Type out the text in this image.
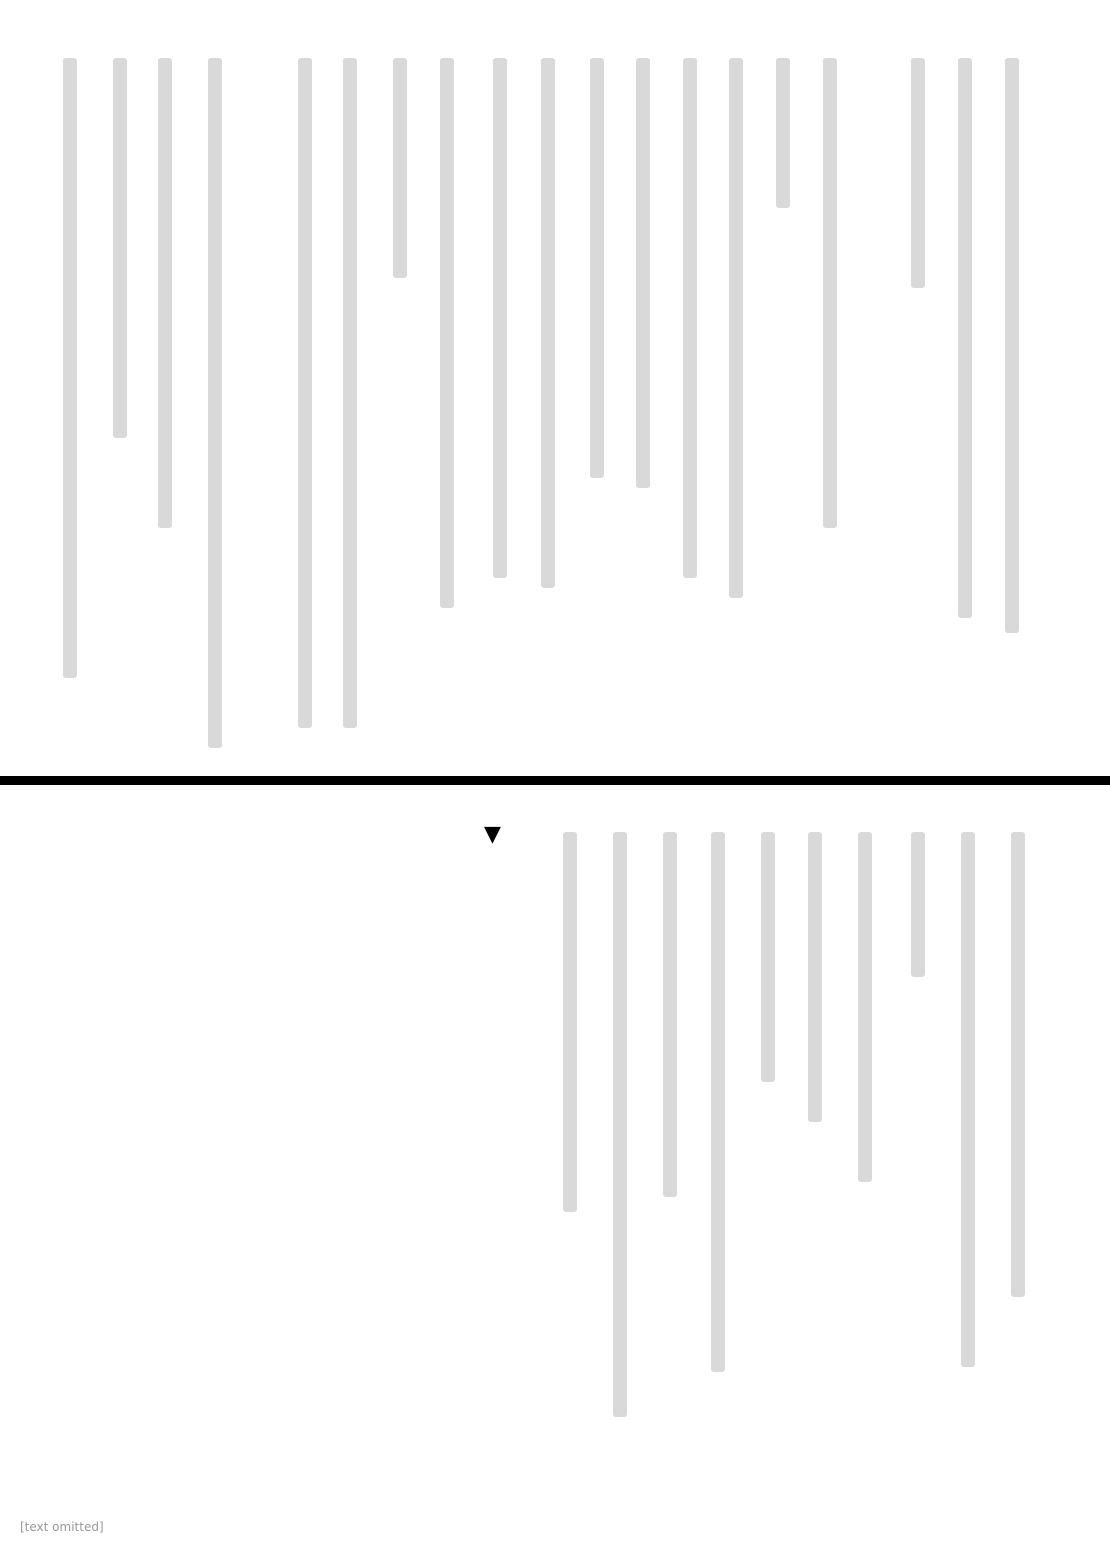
▼
[text omitted]
